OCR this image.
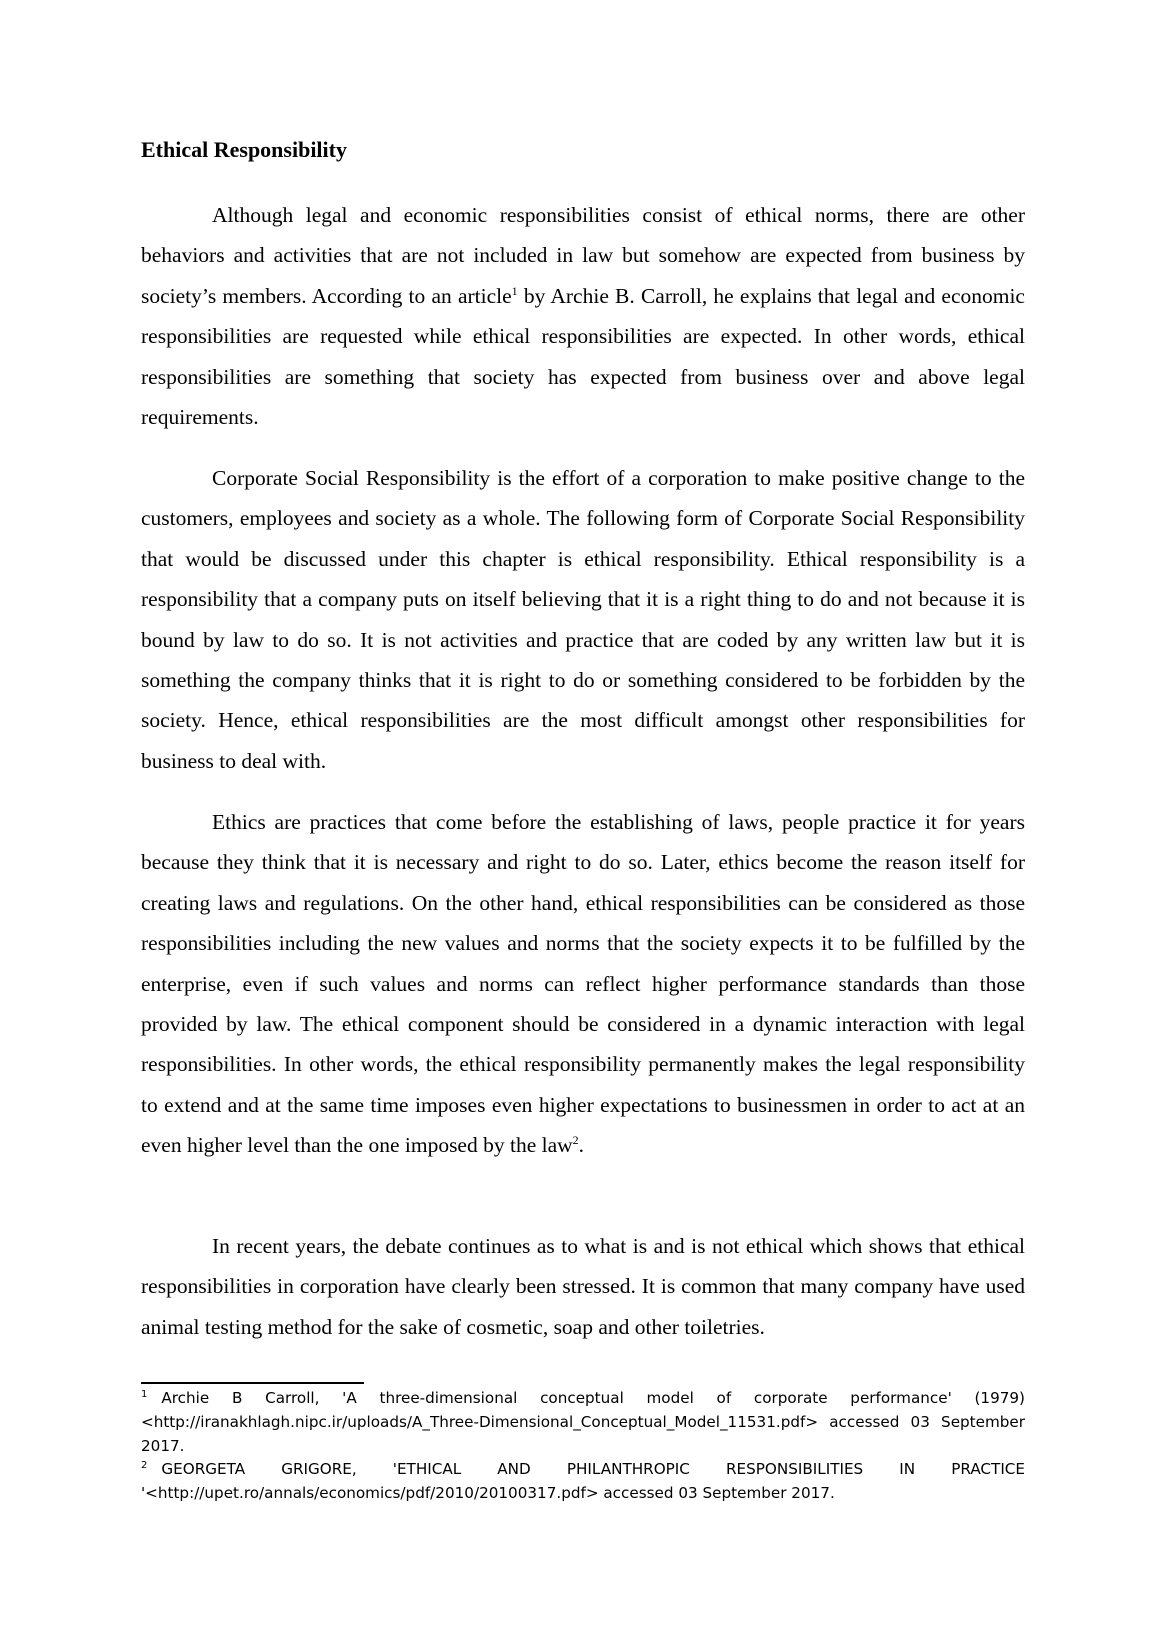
Ethical Responsibility

Although legal and economic responsibilities consist of ethical norms, there are other behaviors and activities that are not included in law but somehow are expected from business by society’s members. According to an article$^1$ by Archie B. Carroll, he explains that legal and economic responsibilities are requested while ethical responsibilities are expected. In other words, ethical responsibilities are something that society has expected from business over and above legal requirements.

Corporate Social Responsibility is the effort of a corporation to make positive change to the customers, employees and society as a whole. The following form of Corporate Social Responsibility that would be discussed under this chapter is ethical responsibility. Ethical responsibility is a responsibility that a company puts on itself believing that it is a right thing to do and not because it is bound by law to do so. It is not activities and practice that are coded by any written law but it is something the company thinks that it is right to do or something considered to be forbidden by the society. Hence, ethical responsibilities are the most difficult amongst other responsibilities for business to deal with.

Ethics are practices that come before the establishing of laws, people practice it for years because they think that it is necessary and right to do so. Later, ethics become the reason itself for creating laws and regulations. On the other hand, ethical responsibilities can be considered as those responsibilities including the new values and norms that the society expects it to be fulfilled by the enterprise, even if such values and norms can reflect higher performance standards than those provided by law. The ethical component should be considered in a dynamic interaction with legal responsibilities. In other words, the ethical responsibility permanently makes the legal responsibility to extend and at the same time imposes even higher expectations to businessmen in order to act at an even higher level than the one imposed by the law$^2$.

In recent years, the debate continues as to what is and is not ethical which shows that ethical responsibilities in corporation have clearly been stressed. It is common that many company have used animal testing method for the sake of cosmetic, soap and other toiletries.

$^1$ Archie B Carroll, 'A three-dimensional conceptual model of corporate performance' (1979) <http://iranakhlagh.nipc.ir/uploads/A_Three-Dimensional_Conceptual_Model_11531.pdf> accessed 03 September 2017.

$^2$ GEORGETA GRIGORE, 'ETHICAL AND PHILANTHROPIC RESPONSIBILITIES IN PRACTICE '<http://upet.ro/annals/economics/pdf/2010/20100317.pdf> accessed 03 September 2017.
